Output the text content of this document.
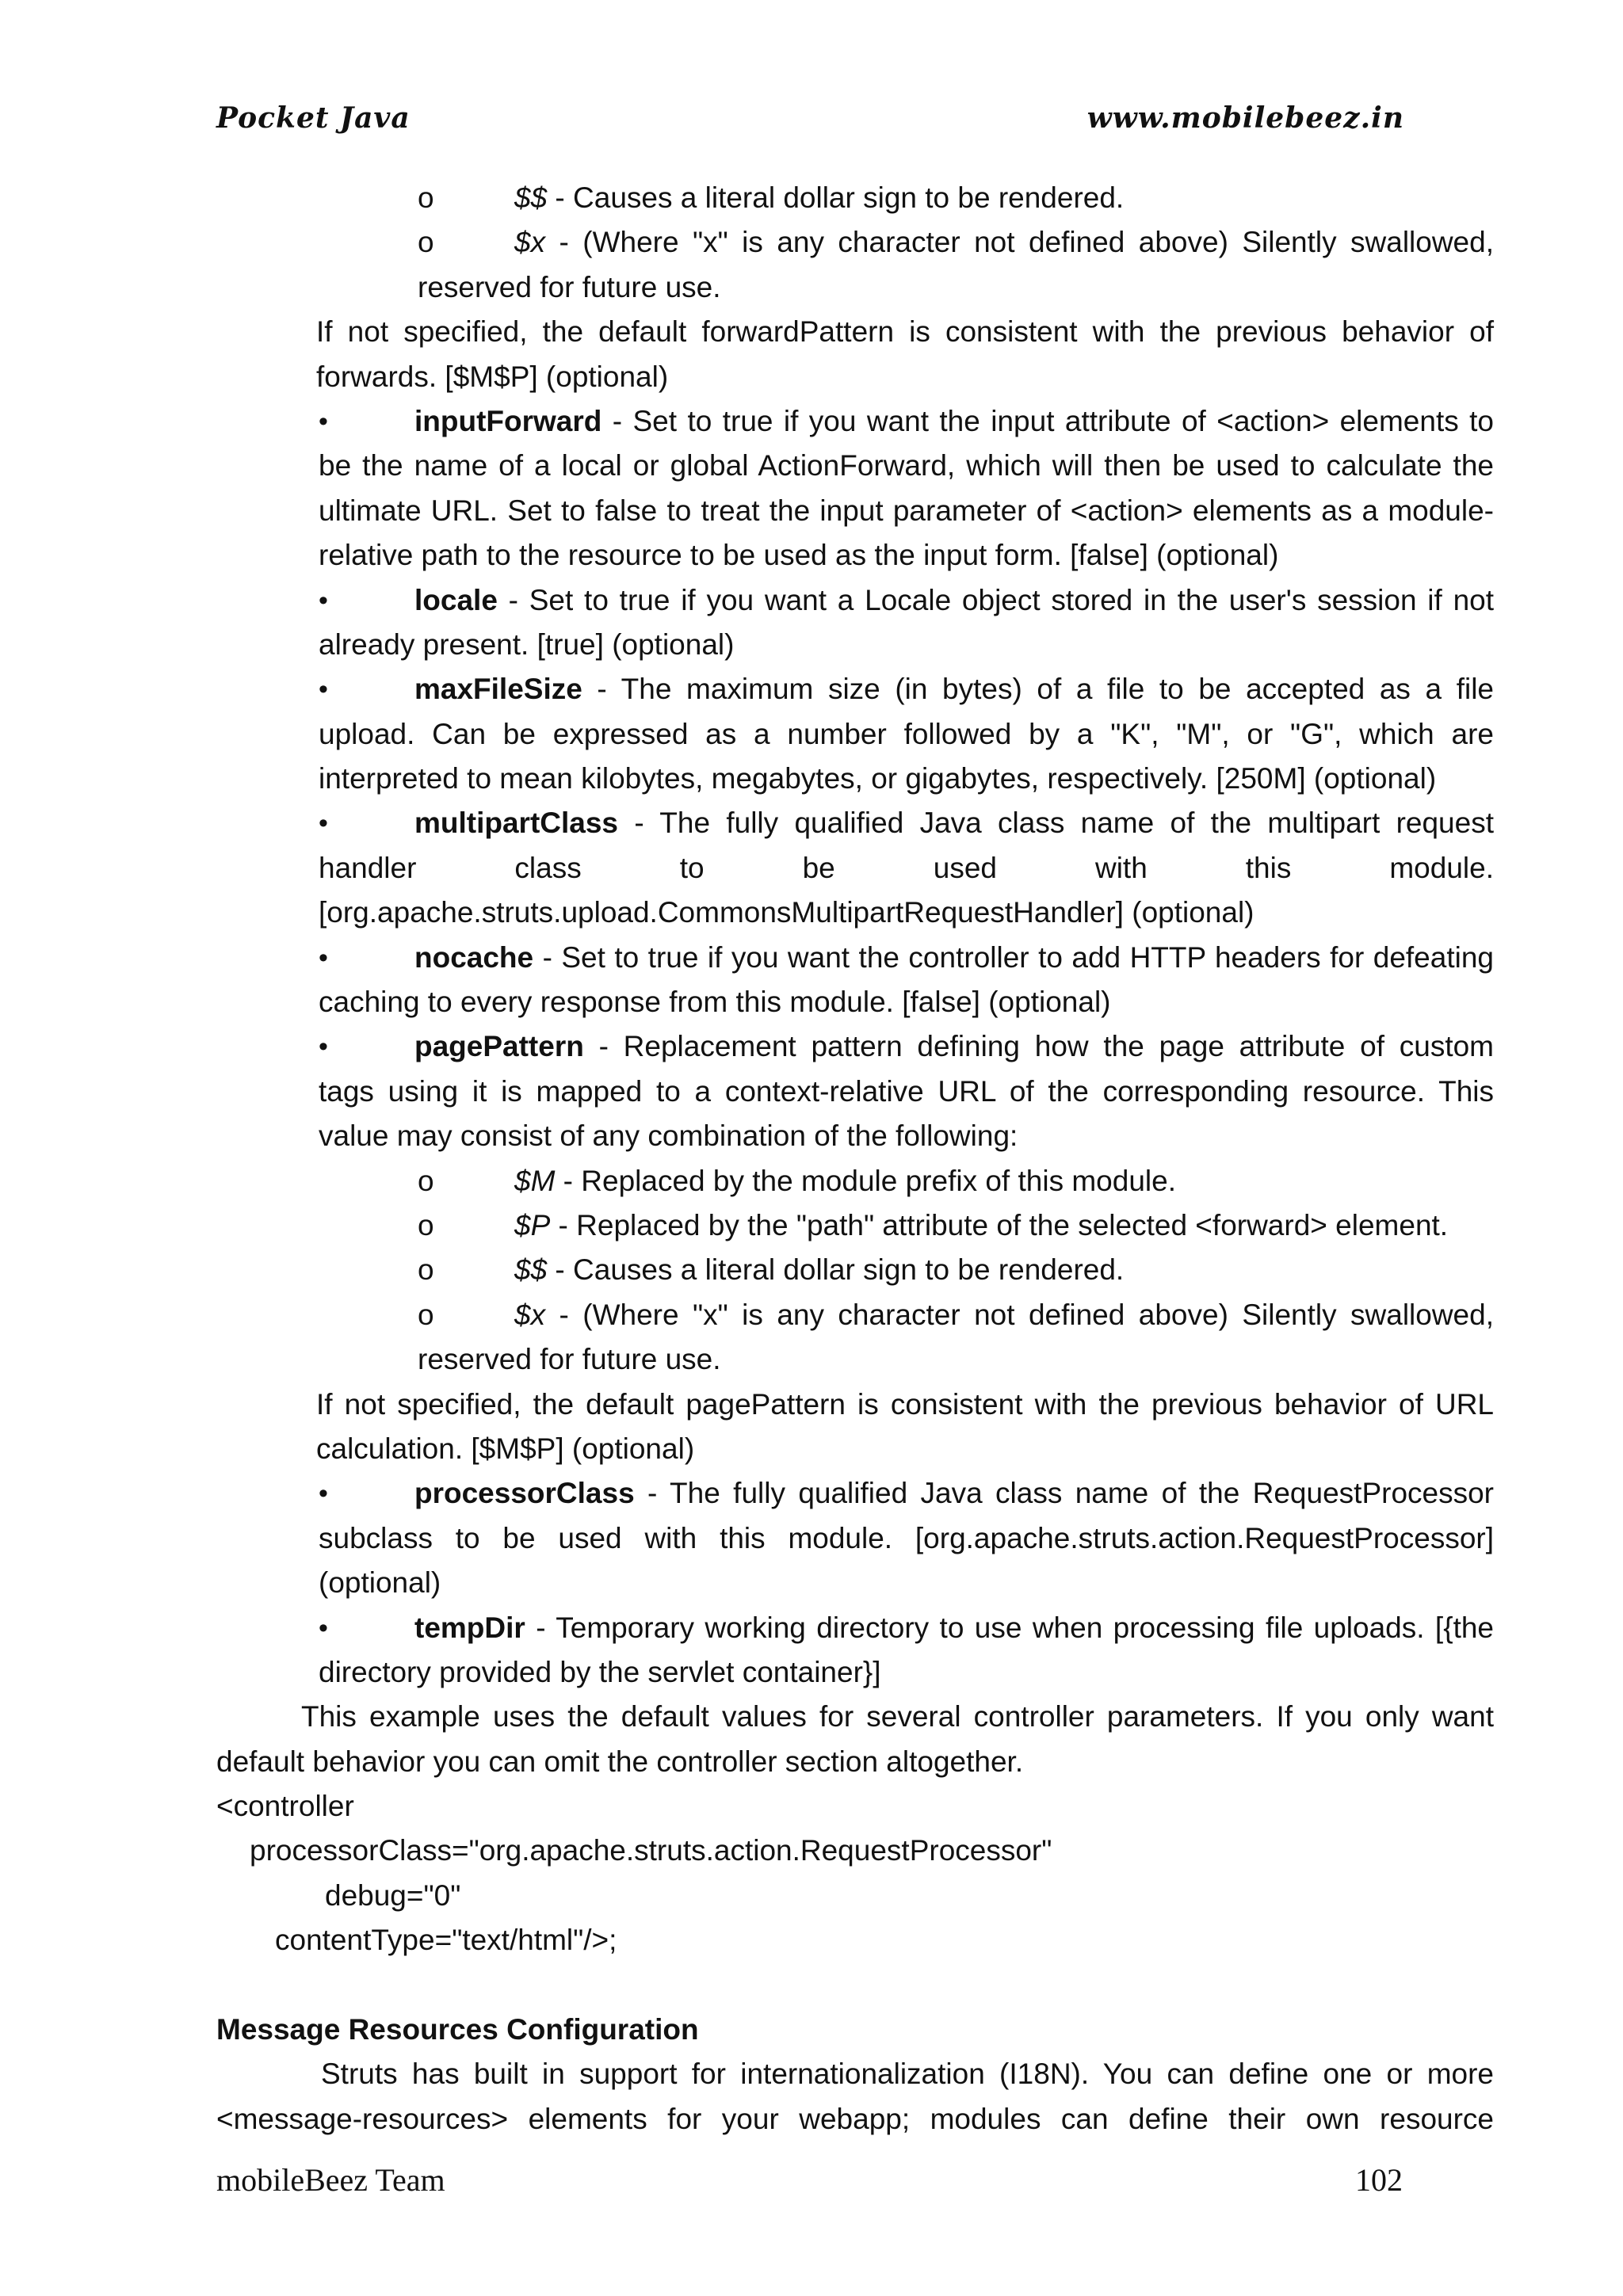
Pocket Java	www.mobilebeez.in
o	$$ - Causes a literal dollar sign to be rendered.
o	$x - (Where "x" is any character not defined above) Silently swallowed,
reserved for future use.
If not specified, the default forwardPattern is consistent with the previous behavior of
forwards. [$M$P] (optional)
•	inputForward - Set to true if you want the input attribute of <action> elements to
be the name of a local or global ActionForward, which will then be used to calculate the
ultimate URL. Set to false to treat the input parameter of <action> elements as a module-
relative path to the resource to be used as the input form. [false] (optional)
•	locale - Set to true if you want a Locale object stored in the user's session if not
already present. [true] (optional)
•	maxFileSize - The maximum size (in bytes) of a file to be accepted as a file
upload. Can be expressed as a number followed by a "K", "M", or "G", which are
interpreted to mean kilobytes, megabytes, or gigabytes, respectively. [250M] (optional)
•	multipartClass - The fully qualified Java class name of the multipart request
handler class to be used with this module.
[org.apache.struts.upload.CommonsMultipartRequestHandler] (optional)
•	nocache - Set to true if you want the controller to add HTTP headers for defeating
caching to every response from this module. [false] (optional)
•	pagePattern - Replacement pattern defining how the page attribute of custom
tags using it is mapped to a context-relative URL of the corresponding resource. This
value may consist of any combination of the following:
o	$M - Replaced by the module prefix of this module.
o	$P - Replaced by the "path" attribute of the selected <forward> element.
o	$$ - Causes a literal dollar sign to be rendered.
o	$x - (Where "x" is any character not defined above) Silently swallowed,
reserved for future use.
If not specified, the default pagePattern is consistent with the previous behavior of URL
calculation. [$M$P] (optional)
•	processorClass - The fully qualified Java class name of the RequestProcessor
subclass to be used with this module. [org.apache.struts.action.RequestProcessor]
(optional)
•	tempDir - Temporary working directory to use when processing file uploads. [{the
directory provided by the servlet container}]
This example uses the default values for several controller parameters. If you only want
default behavior you can omit the controller section altogether.
<controller
processorClass="org.apache.struts.action.RequestProcessor"
debug="0"
contentType="text/html"/>;
Message Resources Configuration
Struts has built in support for internationalization (I18N). You can define one or more
<message-resources> elements for your webapp; modules can define their own resource
mobileBeez Team	102
